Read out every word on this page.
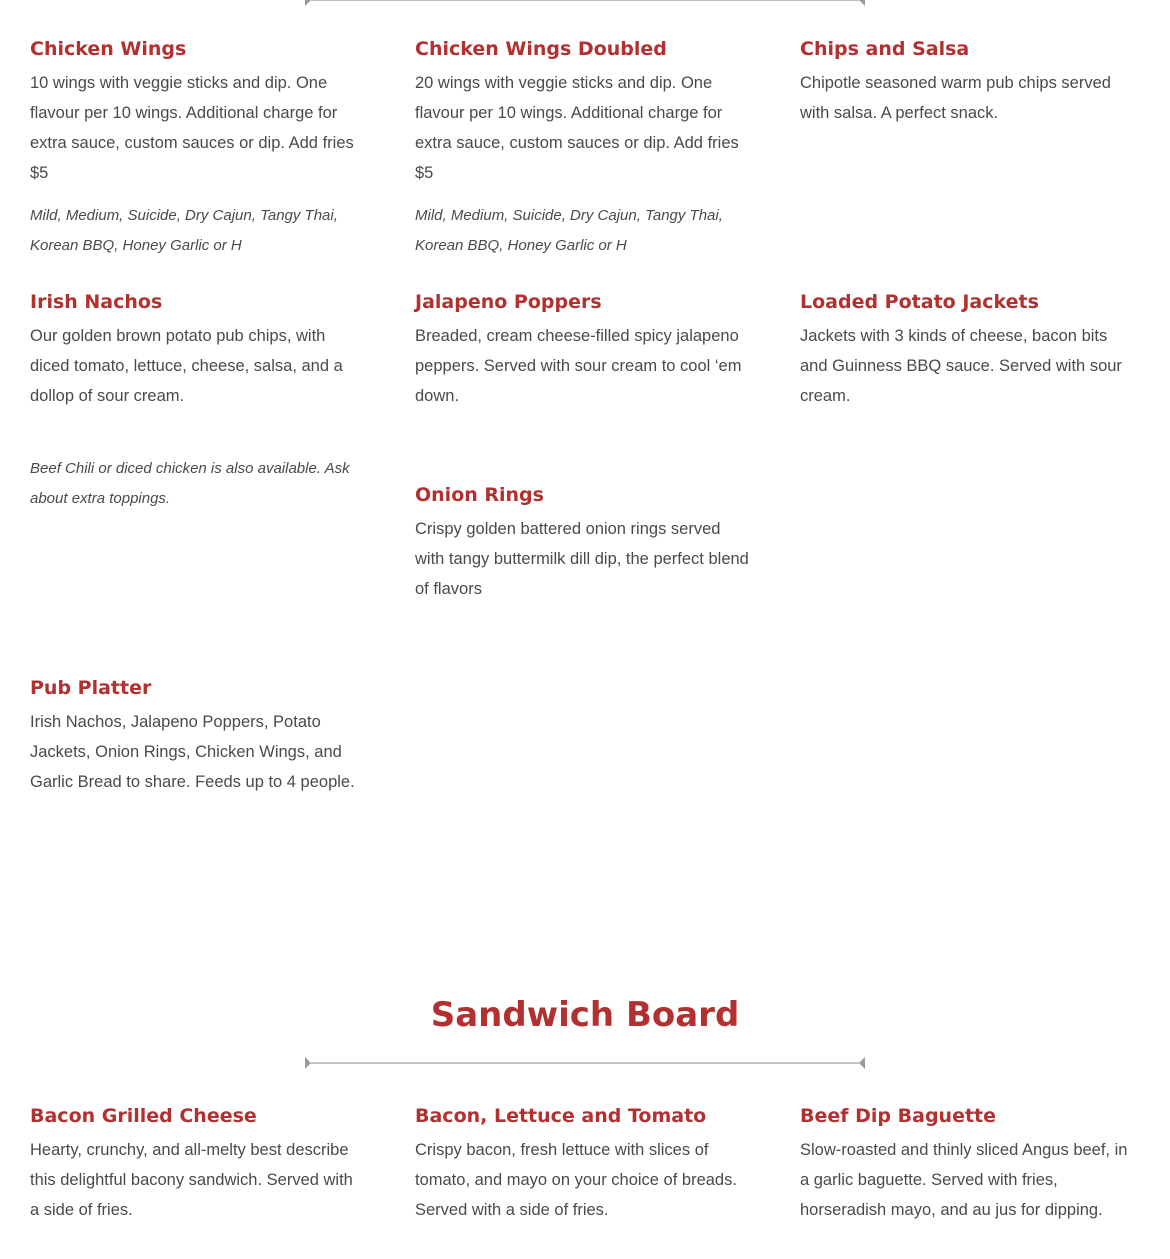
Chicken Wings

10 wings with veggie sticks and dip. One flavour per 10 wings. Additional charge for extra sauce, custom sauces or dip. Add fries $5

Mild, Medium, Suicide, Dry Cajun, Tangy Thai, Korean BBQ, Honey Garlic or H

Chicken Wings Doubled

20 wings with veggie sticks and dip. One flavour per 10 wings. Additional charge for extra sauce, custom sauces or dip. Add fries $5

Mild, Medium, Suicide, Dry Cajun, Tangy Thai, Korean BBQ, Honey Garlic or H

Chips and Salsa

Chipotle seasoned warm pub chips served with salsa. A perfect snack.

Irish Nachos

Our golden brown potato pub chips, with diced tomato, lettuce, cheese, salsa, and a dollop of sour cream.

Beef Chili or diced chicken is also available. Ask about extra toppings.

Jalapeno Poppers

Breaded, cream cheese-filled spicy jalapeno peppers. Served with sour cream to cool ‘em down.

Loaded Potato Jackets

Jackets with 3 kinds of cheese, bacon bits and Guinness BBQ sauce. Served with sour cream.

Onion Rings

Crispy golden battered onion rings served with tangy buttermilk dill dip, the perfect blend of flavors

Pub Platter

Irish Nachos, Jalapeno Poppers, Potato Jackets, Onion Rings, Chicken Wings, and Garlic Bread to share. Feeds up to 4 people.

Sandwich Board
Bacon Grilled Cheese

Hearty, crunchy, and all-melty best describe this delightful bacony sandwich. Served with a side of fries.

Bacon, Lettuce and Tomato

Crispy bacon, fresh lettuce with slices of tomato, and mayo on your choice of breads. Served with a side of fries.

Beef Dip Baguette

Slow-roasted and thinly sliced Angus beef, in a garlic baguette. Served with fries, horseradish mayo, and au jus for dipping.
